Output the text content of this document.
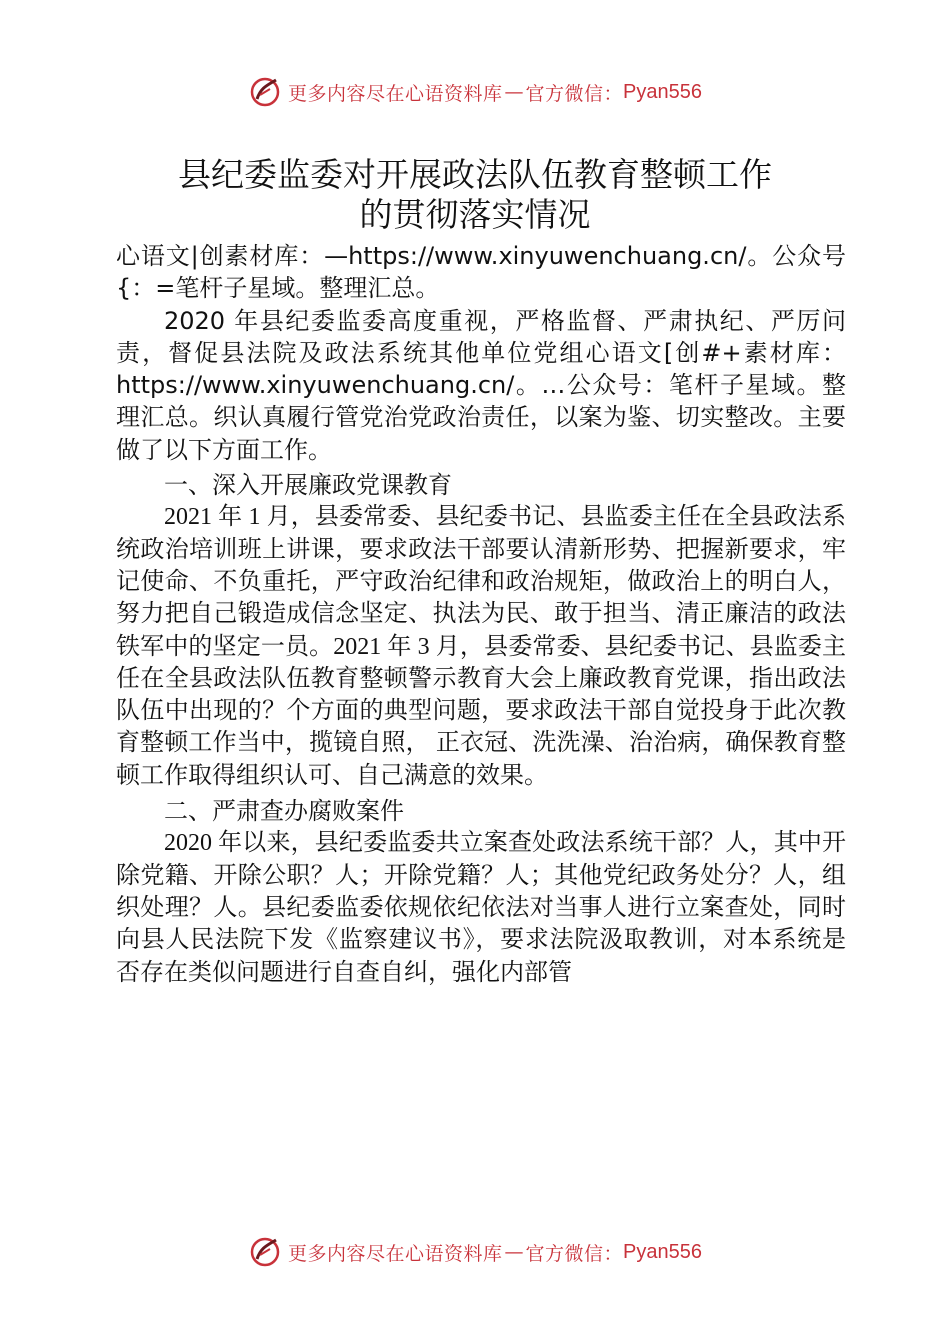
更多内容尽在心语资料库 — 官方微信： Pyan556
县纪委监委对开展政法队伍教育整顿工作
的贯彻落实情况

心语文|创素材库：—https://www.xinyuwenchuang.cn/。公众号{：=笔杆子星域。整理汇总。

2020 年县纪委监委高度重视，严格监督、严肃执纪、严厉问责，督促县法院及政法系统其他单位党组心语文[创#+素材库：https://www.xinyuwenchuang.cn/。…公众号：笔杆子星域。整理汇总。织认真履行管党治党政治责任，以案为鉴、切实整改。主要做了以下方面工作。

一、深入开展廉政党课教育

2021 年 1 月，县委常委、县纪委书记、县监委主任在全县政法系统政治培训班上讲课，要求政法干部要认清新形势、把握新要求，牢记使命、不负重托，严守政治纪律和政治规矩，做政治上的明白人，努力把自己锻造成信念坚定、执法为民、敢于担当、清正廉洁的政法铁军中的坚定一员。2021 年 3 月，县委常委、县纪委书记、县监委主任在全县政法队伍教育整顿警示教育大会上廉政教育党课，指出政法队伍中出现的？个方面的典型问题，要求政法干部自觉投身于此次教育整顿工作当中，揽镜自照， 正衣冠、洗洗澡、治治病，确保教育整顿工作取得组织认可、自己满意的效果。

二、严肃查办腐败案件

2020 年以来，县纪委监委共立案查处政法系统干部？人，其中开除党籍、开除公职？人；开除党籍？人；其他党纪政务处分？人，组织处理？人。县纪委监委依规依纪依法对当事人进行立案查处，同时向县人民法院下发《监察建议书》，要求法院汲取教训，对本系统是否存在类似问题进行自查自纠，强化内部管

更多内容尽在心语资料库 — 官方微信： Pyan556
